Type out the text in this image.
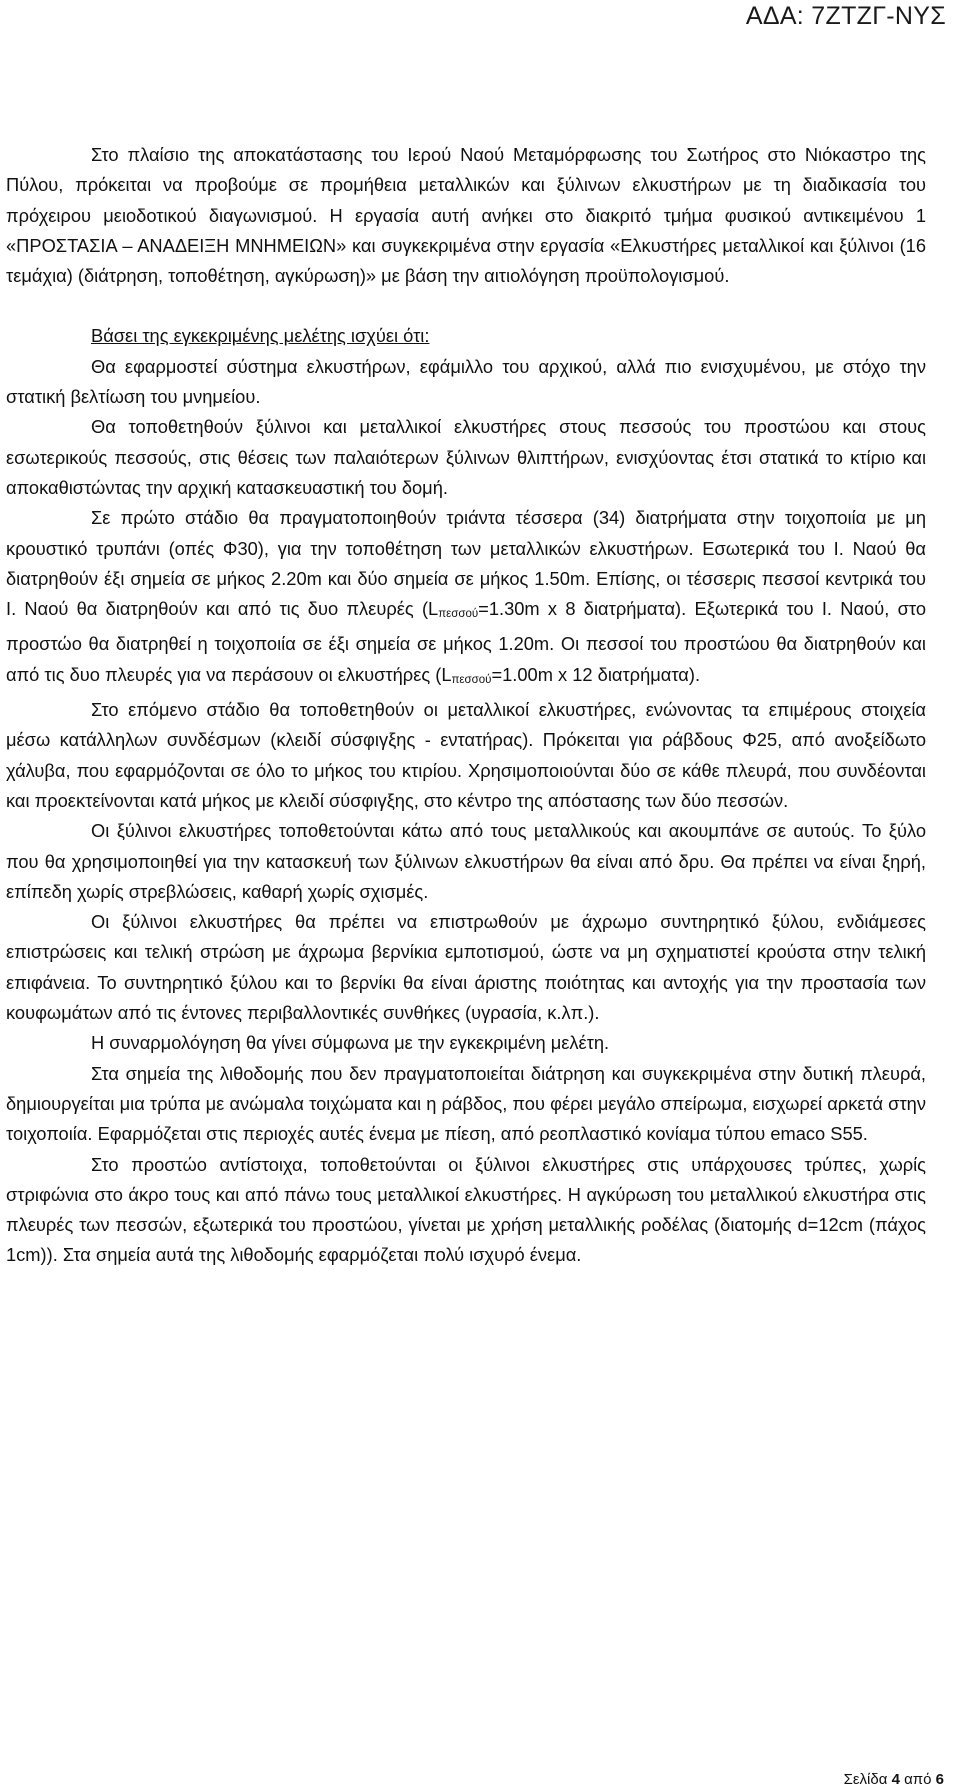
ΑΔΑ: 7ΖΤΖΓ-ΝΥΣ

Στο πλαίσιο της αποκατάστασης του Ιερού Ναού Μεταμόρφωσης του Σωτήρος στο Νιόκαστρο της Πύλου, πρόκειται να προβούμε σε προμήθεια μεταλλικών και ξύλινων ελκυστήρων με τη διαδικασία του πρόχειρου μειοδοτικού διαγωνισμού. Η εργασία αυτή ανήκει στο διακριτό τμήμα φυσικού αντικειμένου 1 «ΠΡΟΣΤΑΣΙΑ – ΑΝΑΔΕΙΞΗ ΜΝΗΜΕΙΩΝ» και συγκεκριμένα στην εργασία «Ελκυστήρες μεταλλικοί και ξύλινοι (16 τεμάχια) (διάτρηση, τοποθέτηση, αγκύρωση)» με βάση την αιτιολόγηση προϋπολογισμού.

Βάσει της εγκεκριμένης μελέτης ισχύει ότι:

Θα εφαρμοστεί σύστημα ελκυστήρων, εφάμιλλο του αρχικού, αλλά πιο ενισχυμένου, με στόχο την στατική βελτίωση του μνημείου.

Θα τοποθετηθούν ξύλινοι και μεταλλικοί ελκυστήρες στους πεσσούς του προστώου και στους εσωτερικούς πεσσούς, στις θέσεις των παλαιότερων ξύλινων θλιπτήρων, ενισχύοντας έτσι στατικά το κτίριο και αποκαθιστώντας την αρχική κατασκευαστική του δομή.

Σε πρώτο στάδιο θα πραγματοποιηθούν τριάντα τέσσερα (34) διατρήματα στην τοιχοποιία με μη κρουστικό τρυπάνι (οπές Φ30), για την τοποθέτηση των μεταλλικών ελκυστήρων. Εσωτερικά του Ι. Ναού θα διατρηθούν έξι σημεία σε μήκος 2.20m και δύο σημεία σε μήκος 1.50m. Επίσης, οι τέσσερις πεσσοί κεντρικά του Ι. Ναού θα διατρηθούν και από τις δυο πλευρές (Lπεσσού=1.30m x 8 διατρήματα). Εξωτερικά του Ι. Ναού, στο προστώο θα διατρηθεί η τοιχοποιία σε έξι σημεία σε μήκος 1.20m. Οι πεσσοί του προστώου θα διατρηθούν και από τις δυο πλευρές για να περάσουν οι ελκυστήρες (Lπεσσού=1.00m x 12 διατρήματα).

Στο επόμενο στάδιο θα τοποθετηθούν οι μεταλλικοί ελκυστήρες, ενώνοντας τα επιμέρους στοιχεία μέσω κατάλληλων συνδέσμων (κλειδί σύσφιγξης - εντατήρας). Πρόκειται για ράβδους Φ25, από ανοξείδωτο χάλυβα, που εφαρμόζονται σε όλο το μήκος του κτιρίου. Χρησιμοποιούνται δύο σε κάθε πλευρά, που συνδέονται και προεκτείνονται κατά μήκος με κλειδί σύσφιγξης, στο κέντρο της απόστασης των δύο πεσσών.

Οι ξύλινοι ελκυστήρες τοποθετούνται κάτω από τους μεταλλικούς και ακουμπάνε σε αυτούς. Το ξύλο που θα χρησιμοποιηθεί για την κατασκευή των ξύλινων ελκυστήρων θα είναι από δρυ. Θα πρέπει να είναι ξηρή, επίπεδη χωρίς στρεβλώσεις, καθαρή χωρίς σχισμές.

Οι ξύλινοι ελκυστήρες θα πρέπει να επιστρωθούν με άχρωμο συντηρητικό ξύλου, ενδιάμεσες επιστρώσεις και τελική στρώση με άχρωμα βερνίκια εμποτισμού, ώστε να μη σχηματιστεί κρούστα στην τελική επιφάνεια. Το συντηρητικό ξύλου και το βερνίκι θα είναι άριστης ποιότητας και αντοχής για την προστασία των κουφωμάτων από τις έντονες περιβαλλοντικές συνθήκες (υγρασία, κ.λπ.).

Η συναρμολόγηση θα γίνει σύμφωνα με την εγκεκριμένη μελέτη.

Στα σημεία της λιθοδομής που δεν πραγματοποιείται διάτρηση και συγκεκριμένα στην δυτική πλευρά, δημιουργείται μια τρύπα με ανώμαλα τοιχώματα και η ράβδος, που φέρει μεγάλο σπείρωμα, εισχωρεί αρκετά στην τοιχοποιία. Εφαρμόζεται στις περιοχές αυτές ένεμα με πίεση, από ρεοπλαστικό κονίαμα τύπου emaco S55.

Στο προστώο αντίστοιχα, τοποθετούνται οι ξύλινοι ελκυστήρες στις υπάρχουσες τρύπες, χωρίς στριφώνια στο άκρο τους και από πάνω τους μεταλλικοί ελκυστήρες. Η αγκύρωση του μεταλλικού ελκυστήρα στις πλευρές των πεσσών, εξωτερικά του προστώου, γίνεται με χρήση μεταλλικής ροδέλας (διατομής d=12cm (πάχος 1cm)). Στα σημεία αυτά της λιθοδομής εφαρμόζεται πολύ ισχυρό ένεμα.

Σελίδα 4 από 6
